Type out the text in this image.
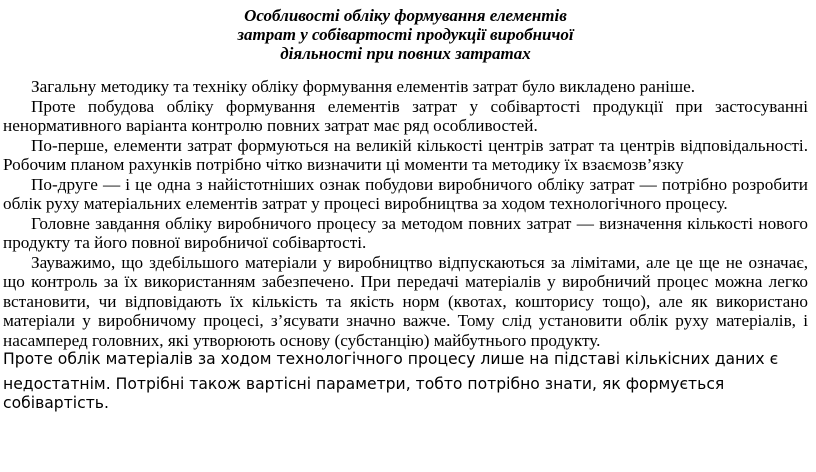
Особливості обліку формування елементів
затрат у собівартості продукції виробничої
діяльності при повних затратах

Загальну методику та техніку обліку формування елементів затрат було викладено раніше.

Проте побудова обліку формування елементів затрат у собівартості продукції при застосуванні ненормативного варіанта контролю повних затрат має ряд особливостей.

По-перше, елементи затрат формуються на великій кількості центрів затрат та центрів відповідальності. Робочим планом рахунків потрібно чітко визначити ці моменти та методику їх взаємозв’язку

По-друге — і це одна з найістотніших ознак побудови виробничого обліку затрат — потрібно розробити облік руху матеріальних елементів затрат у процесі виробництва за ходом технологічного процесу.

Головне завдання обліку виробничого процесу за методом повних затрат — визначення кількості нового продукту та його повної виробничої собівартості.

Зауважимо, що здебільшого матеріали у виробництво відпускаються за лімітами, але це ще не означає, що контроль за їх використанням забезпечено. При передачі матеріалів у виробничий процес можна легко встановити, чи відповідають їх кількість та якість норм (квотах, кошторису тощо), але як використано матеріали у виробничому процесі, з’ясувати значно важче. Тому слід установити облік руху матеріалів, і насамперед головних, які утворюють основу (субстанцію) майбутнього продукту.

Проте облік матеріалів за ходом технологічного процесу лише на підставі кількісних даних є

недостатнім. Потрібні також вартісні параметри, тобто потрібно знати, як формується собівартість.
